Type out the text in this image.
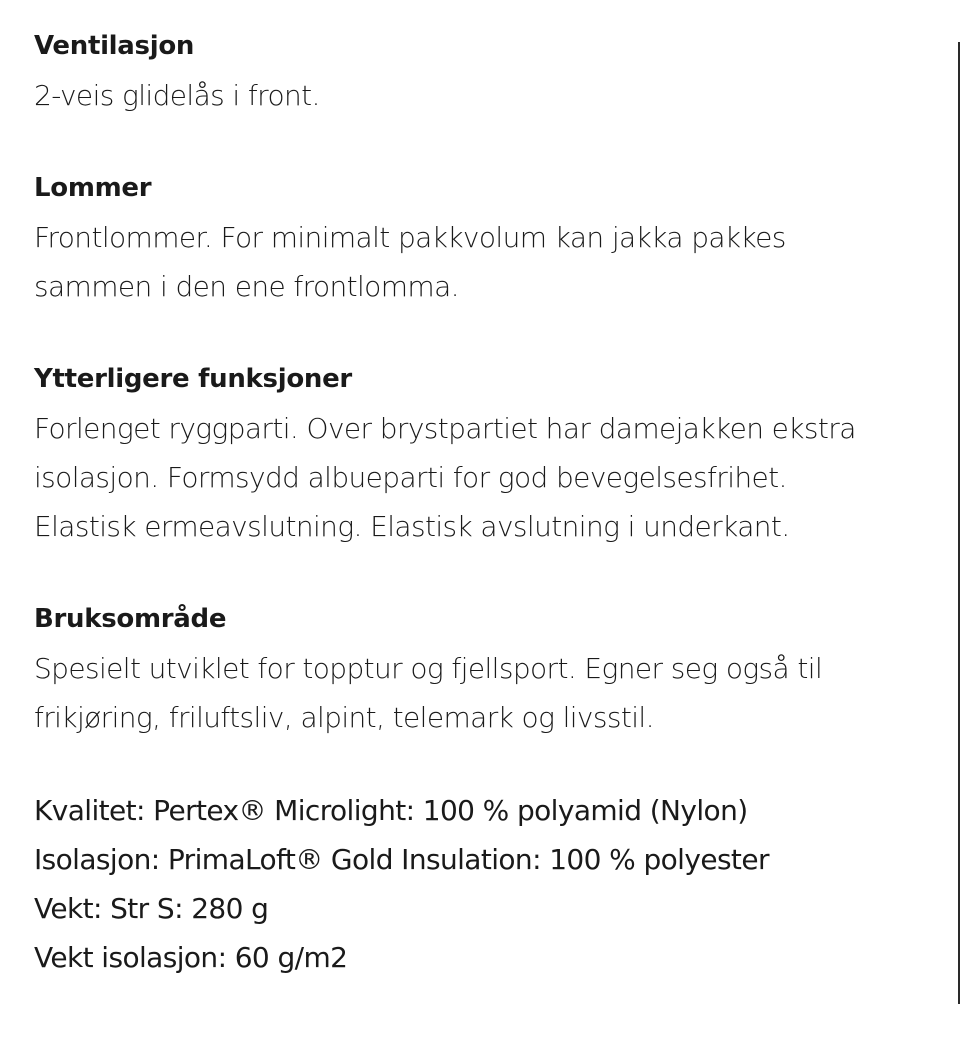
Ventilasjon

2-veis glidelås i front.

Lommer

Frontlommer. For minimalt pakkvolum kan jakka pakkes

sammen i den ene frontlomma.

Ytterligere funksjoner

Forlenget ryggparti. Over brystpartiet har damejakken ekstra

isolasjon. Formsydd albueparti for god bevegelsesfrihet.

Elastisk ermeavslutning. Elastisk avslutning i underkant.

Bruksområde

Spesielt utviklet for topptur og fjellsport. Egner seg også til

frikjøring, friluftsliv, alpint, telemark og livsstil.

Kvalitet: Pertex® Microlight: 100 % polyamid (Nylon)
Isolasjon: PrimaLoft® Gold Insulation: 100 % polyester
Vekt: Str S: 280 g
Vekt isolasjon: 60 g/m2
